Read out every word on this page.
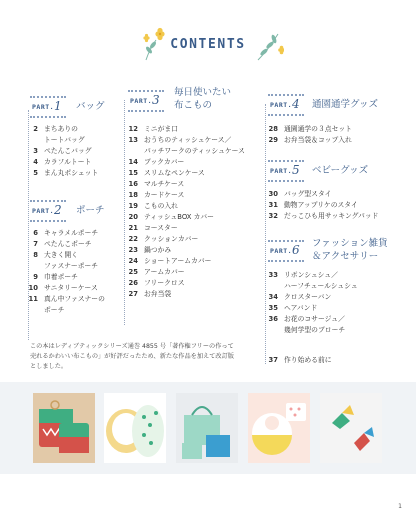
CONTENTS
PART. 1 バッグ
2 まちありの
トートバッグ
3 ぺたんこバッグ
4 カラフルトート
5 まん丸ポシェット
PART. 2 ポーチ
6 キャラメルポーチ
7 ぺたんこポーチ
8 大きく開く
ファスナーポーチ
9 巾着ポーチ
10 サニタリーケース
11 真ん中ファスナーの
ポーチ
PART. 3
毎日使いたい
布こもの
12 ミニがま口
13 おうちのティッシュケース／
パッチワークのティッシュケース
14 ブックカバー
15 スリムなペンケース
16 マルチケース
18 カードケース
19 こもの入れ
20 ティッシュBOX カバー
21 コースター
22 クッションカバー
23 鍋つかみ
24 ショートアームカバー
25 アームカバー
26 フリークロス
27 お弁当袋
PART. 4 通園通学グッズ
28 通園通学の３点セット
29 お弁当袋＆コップ入れ
PART. 5 ベビーグッズ
30 バッグ型スタイ
31 動物アップリケのスタイ
32 だっこひも用サッキングパッド
PART. 6 ファッション雑貨
＆アクセサリー
33 リボンシュシュ／
ハーフチュールシュシュ
34 クロスターバン
35 ヘアバンド
36 お花のコサージュ／
幾何学型のブローチ
37 作り始める前に
この本はレディブティックシリーズ通巻 4855 号「著作権フリーの作って売れるかわいい布こもの」が好評だったため、新たな作品を加えて改訂版としました。
1
